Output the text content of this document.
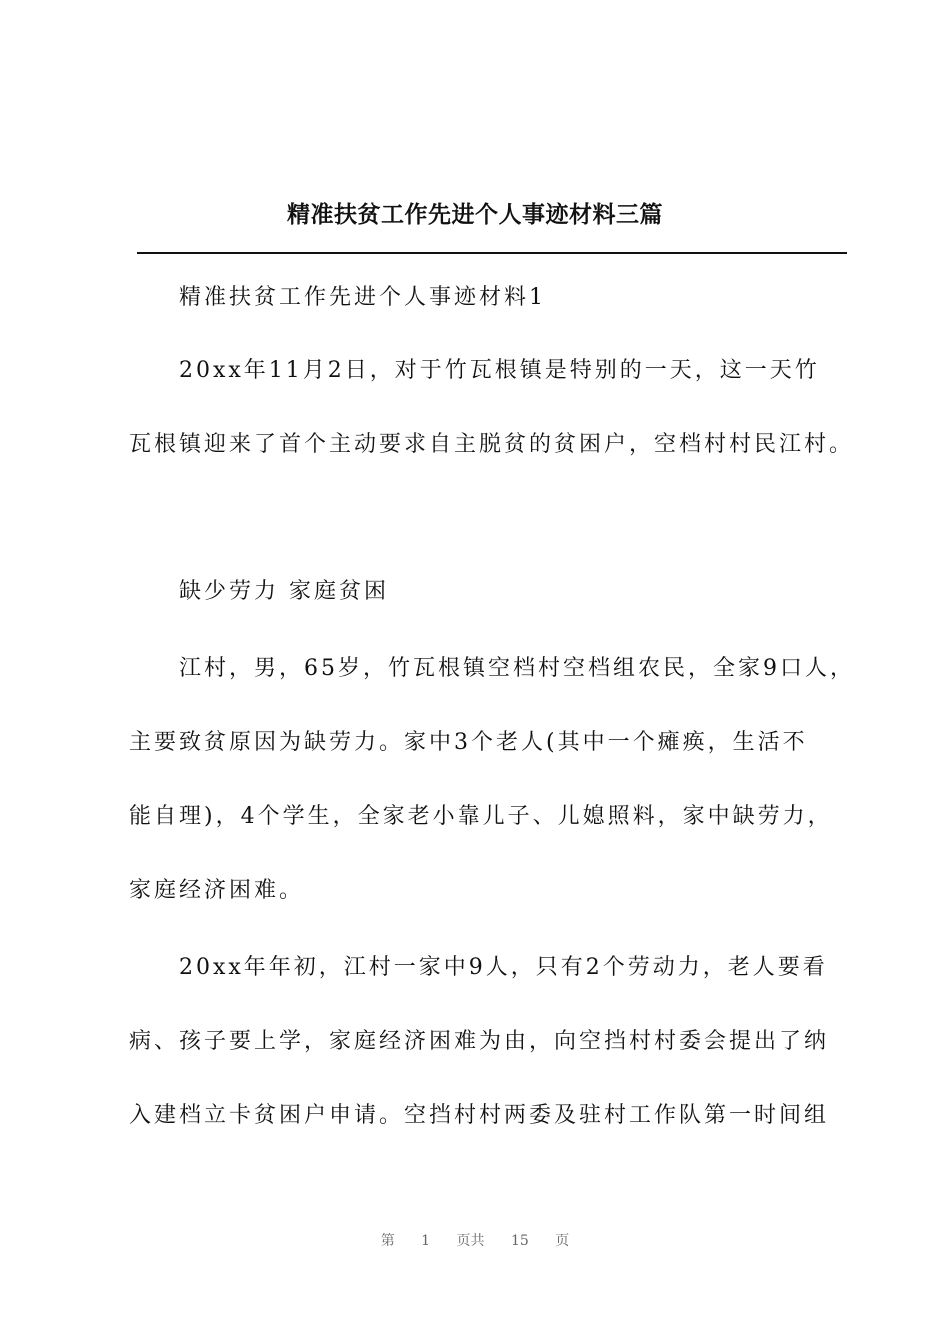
精准扶贫工作先进个人事迹材料三篇
精准扶贫工作先进个人事迹材料1
20xx年11月2日，对于竹瓦根镇是特别的一天，这一天竹
瓦根镇迎来了首个主动要求自主脱贫的贫困户，空档村村民江村。
缺少劳力 家庭贫困
江村，男，65岁，竹瓦根镇空档村空档组农民，全家9口人，
主要致贫原因为缺劳力。家中3个老人(其中一个瘫痪，生活不
能自理)，4个学生，全家老小靠儿子、儿媳照料，家中缺劳力，
家庭经济困难。
20xx年年初，江村一家中9人，只有2个劳动力，老人要看
病、孩子要上学，家庭经济困难为由，向空挡村村委会提出了纳
入建档立卡贫困户申请。空挡村村两委及驻村工作队第一时间组
第 1 页共 15 页
